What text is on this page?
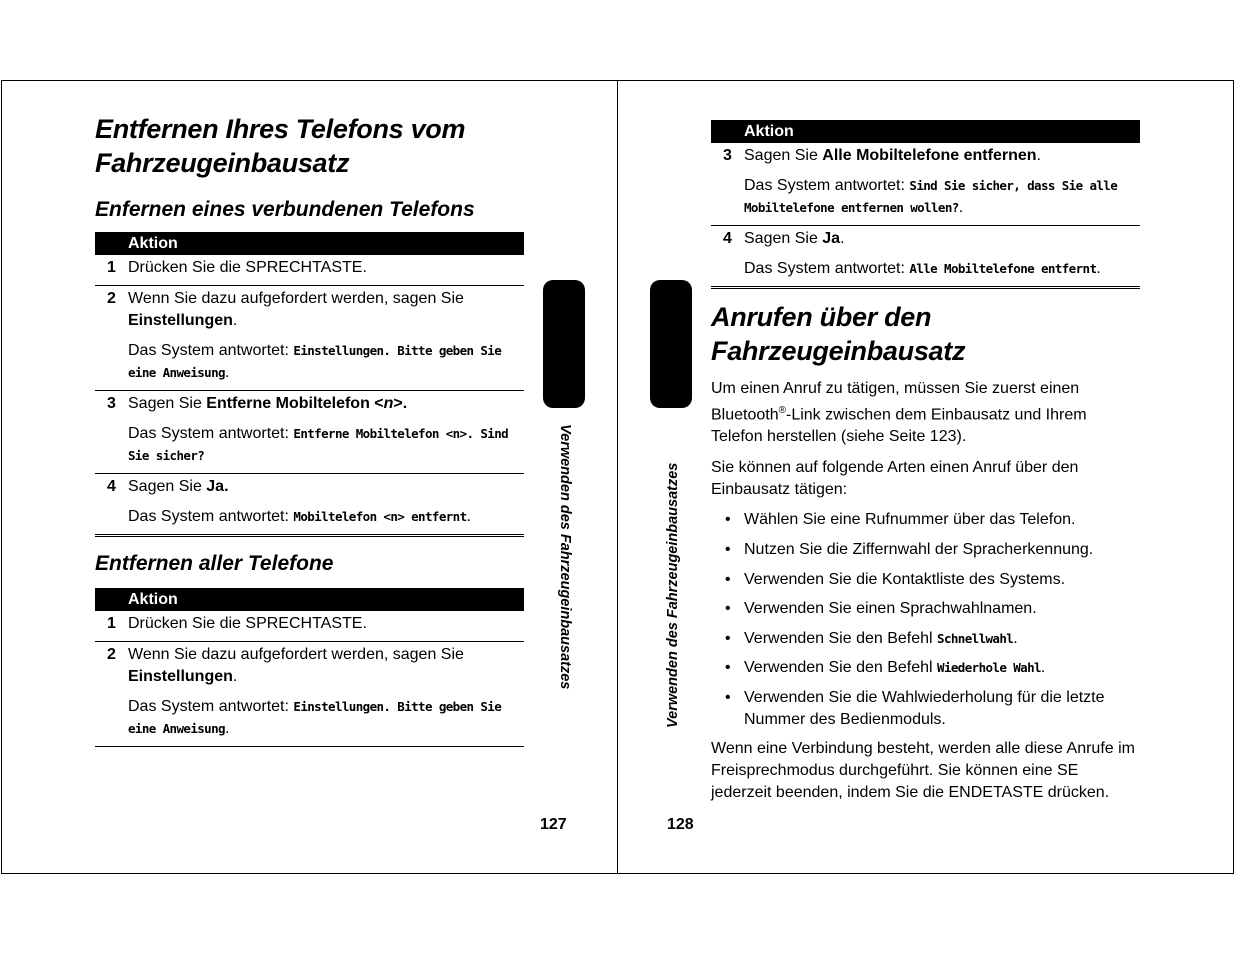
Entfernen Ihres Telefons vom
Fahrzeugeinbausatz
Enfernen eines verbundenen Telefons
Aktion
1 Drücken Sie die SPRECHTASTE.
2 Wenn Sie dazu aufgefordert werden, sagen Sie Einstellungen.
Das System antwortet: Einstellungen. Bitte geben Sie eine Anweisung.
3 Sagen Sie Entferne Mobiltelefon <n>.
Das System antwortet: Entferne Mobiltelefon <n>. Sind Sie sicher?
4 Sagen Sie Ja.
Das System antwortet: Mobiltelefon <n> entfernt.
Entfernen aller Telefone
Aktion
1 Drücken Sie die SPRECHTASTE.
2 Wenn Sie dazu aufgefordert werden, sagen Sie Einstellungen.
Das System antwortet: Einstellungen. Bitte geben Sie eine Anweisung.
Verwenden des Fahrzeugeinbausatzes
127
Verwenden des Fahrzeugeinbausatzes
128
Aktion
3 Sagen Sie Alle Mobiltelefone entfernen.
Das System antwortet: Sind Sie sicher, dass Sie alle Mobiltelefone entfernen wollen?.
4 Sagen Sie Ja.
Das System antwortet: Alle Mobiltelefone entfernt.
Anrufen über den
Fahrzeugeinbausatz

Um einen Anruf zu tätigen, müssen Sie zuerst einen Bluetooth®-Link zwischen dem Einbausatz und Ihrem Telefon herstellen (siehe Seite 123).

Sie können auf folgende Arten einen Anruf über den Einbausatz tätigen:

• Wählen Sie eine Rufnummer über das Telefon.
• Nutzen Sie die Ziffernwahl der Spracherkennung.
• Verwenden Sie die Kontaktliste des Systems.
• Verwenden Sie einen Sprachwahlnamen.
• Verwenden Sie den Befehl Schnellwahl.
• Verwenden Sie den Befehl Wiederhole Wahl.
• Verwenden Sie die Wahlwiederholung für die letzte Nummer des Bedienmoduls.

Wenn eine Verbindung besteht, werden alle diese Anrufe im Freisprechmodus durchgeführt. Sie können eine SE jederzeit beenden, indem Sie die ENDETASTE drücken.
